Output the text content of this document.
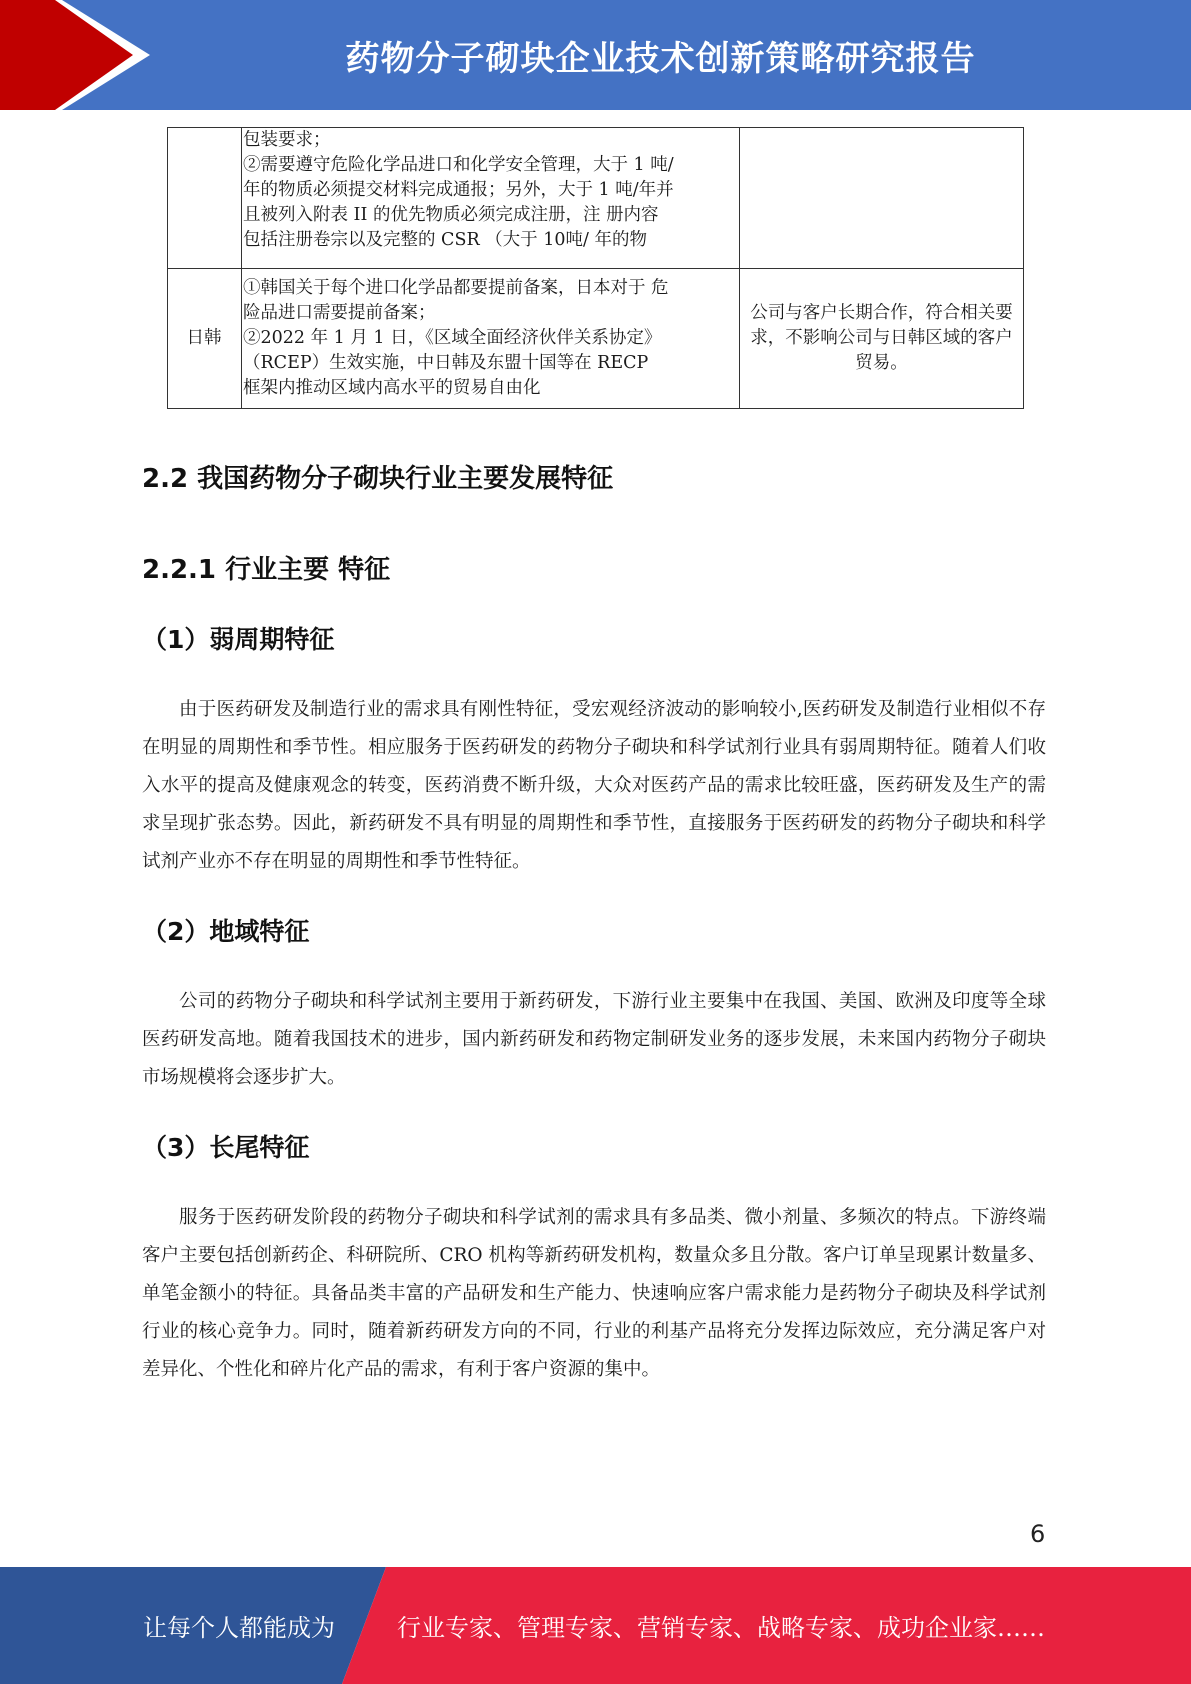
药物分子砌块企业技术创新策略研究报告

	包装要求；
②需要遵守危险化学品进口和化学安全管理，大于 1 吨/
年的物质必须提交材料完成通报；另外，大于 1 吨/年并
且被列入附表 II 的优先物质必须完成注册，注 册内容
包括注册卷宗以及完整的 CSR （大于 10吨/ 年的物	

日韩	①韩国关于每个进口化学品都要提前备案，日本对于 危
险品进口需要提前备案；
②2022 年 1 月 1 日，《区域全面经济伙伴关系协定》
（RCEP）生效实施，中日韩及东盟十国等在 RECP
框架内推动区域内高水平的贸易自由化	公司与客户长期合作，符合相关要求，不影响公司与日韩区域的客户贸易。
2.2 我国药物分子砌块行业主要发展特征
2.2.1 行业主要 特征
（1）弱周期特征
由于医药研发及制造行业的需求具有刚性特征，受宏观经济波动的影响较小,医药研发及制造行业相似不存在明显的周期性和季节性。相应服务于医药研发的药物分子砌块和科学试剂行业具有弱周期特征。随着人们收入水平的提高及健康观念的转变，医药消费不断升级，大众对医药产品的需求比较旺盛，医药研发及生产的需求呈现扩张态势。因此，新药研发不具有明显的周期性和季节性，直接服务于医药研发的药物分子砌块和科学试剂产业亦不存在明显的周期性和季节性特征。
（2）地域特征
公司的药物分子砌块和科学试剂主要用于新药研发，下游行业主要集中在我国、美国、欧洲及印度等全球医药研发高地。随着我国技术的进步，国内新药研发和药物定制研发业务的逐步发展，未来国内药物分子砌块市场规模将会逐步扩大。
（3）长尾特征
服务于医药研发阶段的药物分子砌块和科学试剂的需求具有多品类、微小剂量、多频次的特点。下游终端客户主要包括创新药企、科研院所、CRO 机构等新药研发机构，数量众多且分散。客户订单呈现累计数量多、单笔金额小的特征。具备品类丰富的产品研发和生产能力、快速响应客户需求能力是药物分子砌块及科学试剂行业的核心竞争力。同时，随着新药研发方向的不同，行业的利基产品将充分发挥边际效应，充分满足客户对差异化、个性化和碎片化产品的需求，有利于客户资源的集中。
6
让每个人都能成为	行业专家、管理专家、营销专家、战略专家、成功企业家……
